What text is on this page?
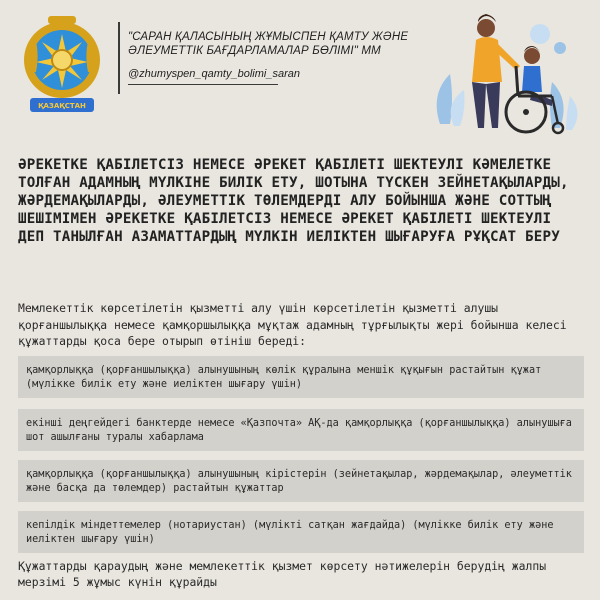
ҚАЗАҚСТАН
"САРАН ҚАЛАСЫНЫҢ ЖҰМЫСПЕН ҚАМТУ ЖӘНЕ ӘЛЕУМЕТТІК БАҒДАРЛАМАЛАР БӨЛІМІ" ММ
@zhumyspen_qamty_bolimi_saran
ӘРЕКЕТКЕ ҚАБІЛЕТСІЗ НЕМЕСЕ ӘРЕКЕТ ҚАБІЛЕТІ ШЕКТЕУЛІ КӘМЕЛЕТКЕ ТОЛҒАН АДАМНЫҢ МҮЛКІНЕ БИЛІК ЕТУ, ШОТЫНА ТҮСКЕН ЗЕЙНЕТАҚЫЛАРДЫ, ЖӘРДЕМАҚЫЛАРДЫ, ӘЛЕУМЕТТІК ТӨЛЕМДЕРДІ АЛУ БОЙЫНША ЖӘНЕ СОТТЫҢ ШЕШІМІМЕН ӘРЕКЕТКЕ ҚАБІЛЕТСІЗ НЕМЕСЕ ӘРЕКЕТ ҚАБІЛЕТІ ШЕКТЕУЛІ ДЕП ТАНЫЛҒАН АЗАМАТТАРДЫҢ МҮЛКІН ИЕЛІКТЕН ШЫҒАРУҒА РҰҚСАТ БЕРУ
Мемлекеттік көрсетілетін қызметті алу үшін көрсетілетін қызметті алушы қорғаншылыққа немесе қамқоршылыққа мұқтаж адамның тұрғылықты жері бойынша келесі құжаттарды қоса бере отырып өтініш береді:
қамқорлыққа (қорғаншылыққа) алынушының көлік құралына меншік құқығын растайтын құжат (мүлікке билік ету және иеліктен шығару үшін)
екінші деңгейдегі банктерде немесе «Қазпочта» АҚ-да қамқорлыққа (қорғаншылыққа) алынушыға шот ашылғаны туралы хабарлама
қамқорлыққа (қорғаншылыққа) алынушының кірістерін (зейнетақылар, жәрдемақылар, әлеуметтік және басқа да төлемдер) растайтын құжаттар
кепілдік міндеттемелер (нотариустан) (мүлікті сатқан жағдайда) (мүлікке билік ету және иеліктен шығару үшін)
Құжаттарды қараудың және мемлекеттік қызмет көрсету нәтижелерін берудің жалпы мерзімі 5 жұмыс күнін құрайды
